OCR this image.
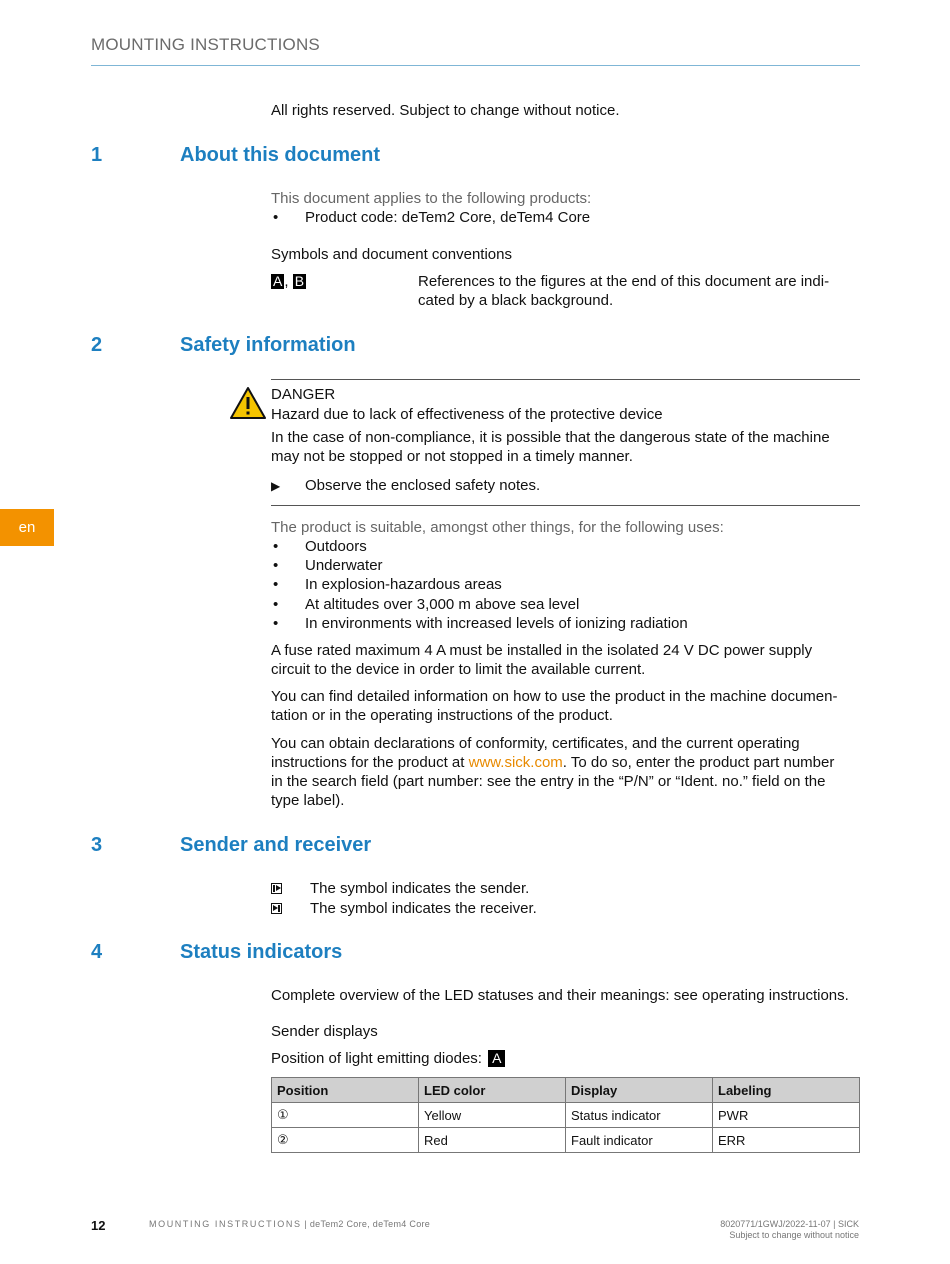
MOUNTING INSTRUCTIONS
en
All rights reserved. Subject to change without notice.
1	About this document
This document applies to the following products:
• Product code: deTem2 Core, deTem4 Core
Symbols and document conventions
A , B	References to the figures at the end of this document are indi-
cated by a black background.
2	Safety information
DANGER
Hazard due to lack of effectiveness of the protective device
In the case of non-compliance, it is possible that the dangerous state of the machine
may not be stopped or not stopped in a timely manner.
▶ Observe the enclosed safety notes.
The product is suitable, amongst other things, for the following uses:
• Outdoors
• Underwater
• In explosion-hazardous areas
• At altitudes over 3,000 m above sea level
• In environments with increased levels of ionizing radiation
A fuse rated maximum 4 A must be installed in the isolated 24 V DC power supply
circuit to the device in order to limit the available current.
You can find detailed information on how to use the product in the machine documen-
tation or in the operating instructions of the product.
You can obtain declarations of conformity, certificates, and the current operating
instructions for the product at www.sick.com. To do so, enter the product part number
in the search field (part number: see the entry in the “P/N” or “Ident. no.” field on the
type label).
3	Sender and receiver
The symbol indicates the sender.
The symbol indicates the receiver.
4	Status indicators
Complete overview of the LED statuses and their meanings: see operating instructions.
Sender displays
Position of light emitting diodes: A
Position	LED color	Display	Labeling
①	Yellow	Status indicator	PWR
②	Red	Fault indicator	ERR
12	MOUNTING INSTRUCTIONS | deTem2 Core, deTem4 Core	8020771/1GWJ/2022-11-07 | SICK
Subject to change without notice
